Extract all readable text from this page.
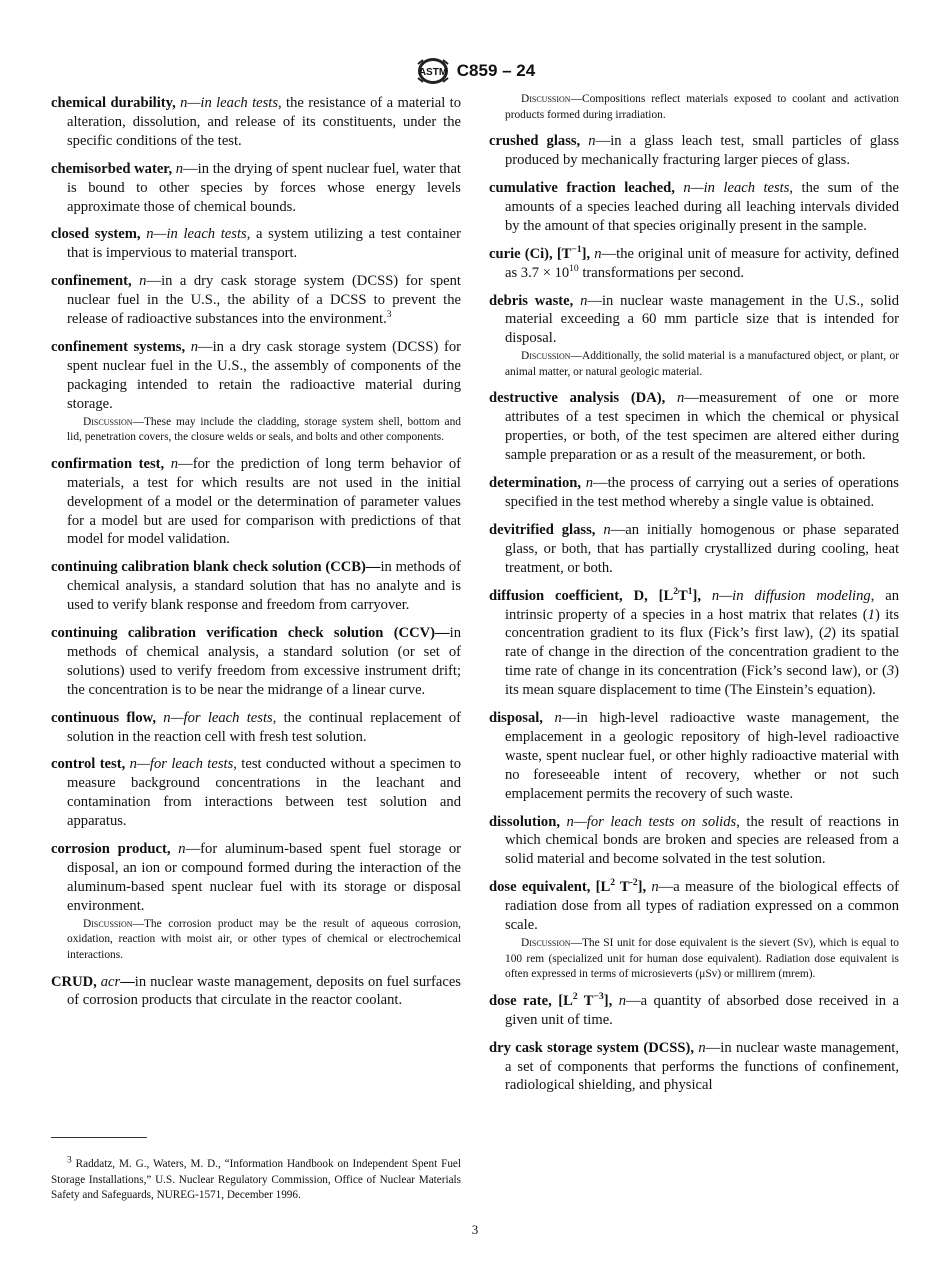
ASTM C859 – 24

chemical durability, n—in leach tests, the resistance of a material to alteration, dissolution, and release of its constituents, under the specific conditions of the test.

chemisorbed water, n—in the drying of spent nuclear fuel, water that is bound to other species by forces whose energy levels approximate those of chemical bounds.

closed system, n—in leach tests, a system utilizing a test container that is impervious to material transport.

confinement, n—in a dry cask storage system (DCSS) for spent nuclear fuel in the U.S., the ability of a DCSS to prevent the release of radioactive substances into the environment.$^3$

confinement systems, n—in a dry cask storage system (DCSS) for spent nuclear fuel in the U.S., the assembly of components of the packaging intended to retain the radioactive material during storage.

Discussion—These may include the cladding, storage system shell, bottom and lid, penetration covers, the closure welds or seals, and bolts and other components.

confirmation test, n—for the prediction of long term behavior of materials, a test for which results are not used in the initial development of a model or the determination of parameter values for a model but are used for comparison with predictions of that model for model validation.

continuing calibration blank check solution (CCB)—in methods of chemical analysis, a standard solution that has no analyte and is used to verify blank response and freedom from carryover.

continuing calibration verification check solution (CCV)—in methods of chemical analysis, a standard solution (or set of solutions) used to verify freedom from excessive instrument drift; the concentration is to be near the midrange of a linear curve.

continuous flow, n—for leach tests, the continual replacement of solution in the reaction cell with fresh test solution.

control test, n—for leach tests, test conducted without a specimen to measure background concentrations in the leachant and contamination from interactions between test solution and apparatus.

corrosion product, n—for aluminum-based spent fuel storage or disposal, an ion or compound formed during the interaction of the aluminum-based spent nuclear fuel with its storage or disposal environment.

Discussion—The corrosion product may be the result of aqueous corrosion, oxidation, reaction with moist air, or other types of chemical or electrochemical interactions.

CRUD, acr—in nuclear waste management, deposits on fuel surfaces of corrosion products that circulate in the reactor coolant.

Discussion—Compositions reflect materials exposed to coolant and activation products formed during irradiation.

crushed glass, n—in a glass leach test, small particles of glass produced by mechanically fracturing larger pieces of glass.

cumulative fraction leached, n—in leach tests, the sum of the amounts of a species leached during all leaching intervals divided by the amount of that species originally present in the sample.

curie (Ci), $[T^{-1}]$, n—the original unit of measure for activity, defined as $3.7 \times 10^{10}$ transformations per second.

debris waste, n—in nuclear waste management in the U.S., solid material exceeding a 60 mm particle size that is intended for disposal.

Discussion—Additionally, the solid material is a manufactured object, or plant, or animal matter, or natural geologic material.

destructive analysis (DA), n—measurement of one or more attributes of a test specimen in which the chemical or physical properties, or both, of the test specimen are altered either during sample preparation or as a result of the measurement, or both.

determination, n—the process of carrying out a series of operations specified in the test method whereby a single value is obtained.

devitrified glass, n—an initially homogenous or phase separated glass, or both, that has partially crystallized during cooling, heat treatment, or both.

diffusion coefficient, D, $[L^2T^1]$, n—in diffusion modeling, an intrinsic property of a species in a host matrix that relates (1) its concentration gradient to its flux (Fick’s first law), (2) its spatial rate of change in the direction of the concentration gradient to the time rate of change in its concentration (Fick’s second law), or (3) its mean square displacement to time (The Einstein’s equation).

disposal, n—in high-level radioactive waste management, the emplacement in a geologic repository of high-level radioactive waste, spent nuclear fuel, or other highly radioactive material with no foreseeable intent of recovery, whether or not such emplacement permits the recovery of such waste.

dissolution, n—for leach tests on solids, the result of reactions in which chemical bonds are broken and species are released from a solid material and become solvated in the test solution.

dose equivalent, [$L^2$ $T^{-2}$], n—a measure of the biological effects of radiation dose from all types of radiation expressed on a common scale.

Discussion—The SI unit for dose equivalent is the sievert (Sv), which is equal to 100 rem (specialized unit for human dose equivalent). Radiation dose equivalent is often expressed in terms of microsieverts (μSv) or millirem (mrem).

dose rate, [$L^2$ $T^{-3}$], n—a quantity of absorbed dose received in a given unit of time.

dry cask storage system (DCSS), n—in nuclear waste management, a set of components that performs the functions of confinement, radiological shielding, and physical

$^3$ Raddatz, M. G., Waters, M. D., “Information Handbook on Independent Spent Fuel Storage Installations,” U.S. Nuclear Regulatory Commission, Office of Nuclear Materials Safety and Safeguards, NUREG-1571, December 1996.

3
